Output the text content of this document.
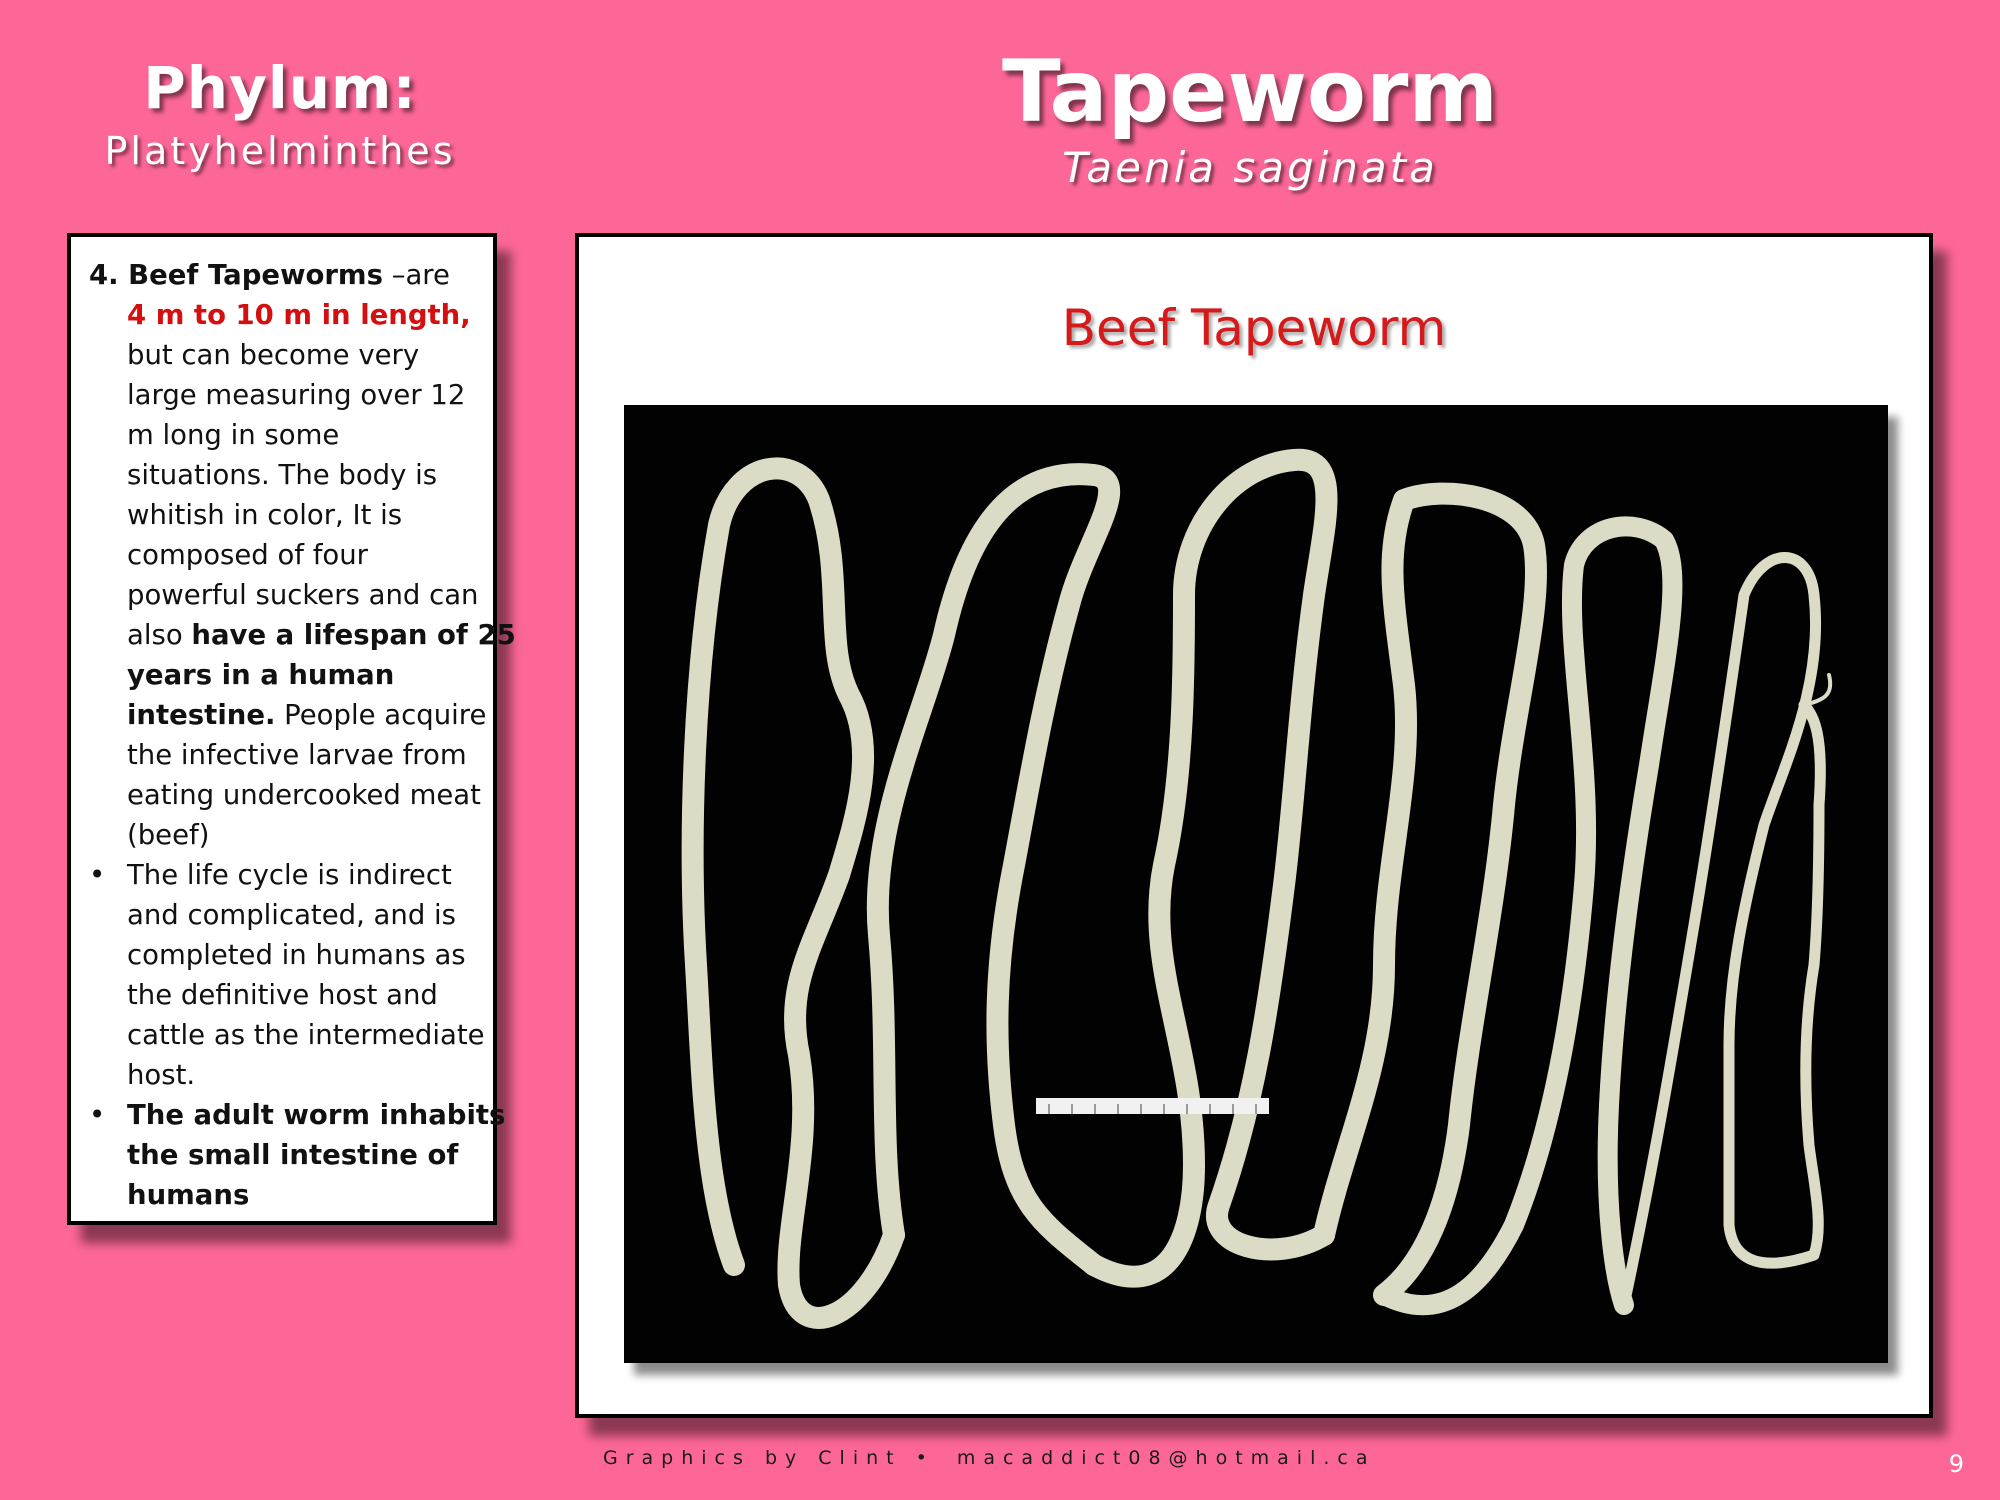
Phylum:
Platyhelminthes
Tapeworm
Taenia saginata
4. Beef Tapeworms –are
4 m to 10 m in length,
but can become very
large measuring over 12
m long in some
situations. The body is
whitish in color, It is
composed of four
powerful suckers and can
also have a lifespan of 25
years in a human
intestine. People acquire
the infective larvae from
eating undercooked meat
(beef)
• The life cycle is indirect
and complicated, and is
completed in humans as
the definitive host and
cattle as the intermediate
host.
• The adult worm inhabits
the small intestine of
humans
Beef Tapeworm
Graphics by Clint • macaddict08@hotmail.ca	9
